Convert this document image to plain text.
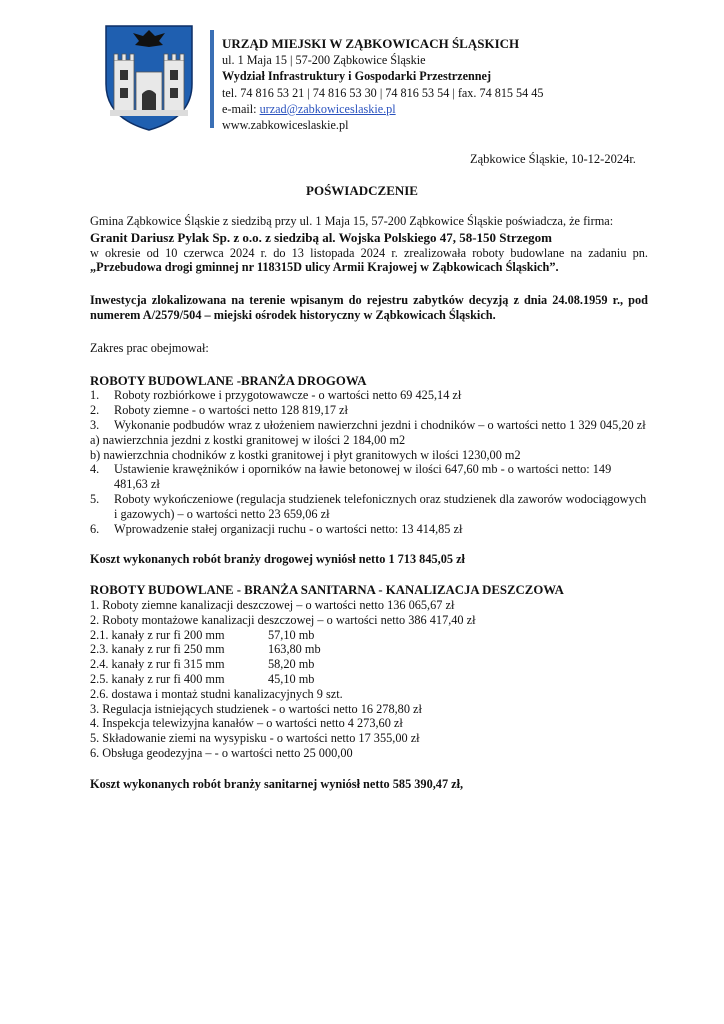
URZĄD MIEJSKI W ZĄBKOWICACH ŚLĄSKICH
ul. 1 Maja 15 | 57-200 Ząbkowice Śląskie
Wydział Infrastruktury i Gospodarki Przestrzennej
tel. 74 816 53 21 | 74 816 53 30 | 74 816 53 54 | fax. 74 815 54 45
e-mail: urzad@zabkowiceslaskie.pl
www.zabkowiceslaskie.pl
Ząbkowice Śląskie, 10-12-2024r.
POŚWIADCZENIE

Gmina Ząbkowice Śląskie z siedzibą przy ul. 1 Maja 15, 57-200 Ząbkowice Śląskie poświadcza, że firma:

Granit Dariusz Pylak Sp. z o.o. z siedzibą al. Wojska Polskiego 47, 58-150 Strzegom

w okresie od 10 czerwca 2024 r. do 13 listopada 2024 r. zrealizowała roboty budowlane na zadaniu pn. „Przebudowa drogi gminnej nr 118315D ulicy Armii Krajowej w Ząbkowicach Śląskich”.

Inwestycja zlokalizowana na terenie wpisanym do rejestru zabytków decyzją z dnia 24.08.1959 r., pod numerem A/2579/504 – miejski ośrodek historyczny w Ząbkowicach Śląskich.

Zakres prac obejmował:

ROBOTY BUDOWLANE -BRANŻA DROGOWA

1.	Roboty rozbiórkowe i przygotowawcze - o wartości netto 69 425,14 zł
2.	Roboty ziemne - o wartości netto 128 819,17 zł
3.	Wykonanie podbudów wraz z ułożeniem nawierzchni jezdni i chodników – o wartości netto 1 329 045,20 zł

a) nawierzchnia jezdni z kostki granitowej w ilości 2 184,00 m2

b) nawierzchnia chodników z kostki granitowej i płyt granitowych w ilości 1230,00 m2

4.	Ustawienie krawężników i oporników na ławie betonowej w ilości 647,60 mb - o wartości netto: 149 481,63 zł
5.	Roboty wykończeniowe (regulacja studzienek telefonicznych oraz studzienek dla zaworów wodociągowych i gazowych) – o wartości netto 23 659,06 zł
6.	Wprowadzenie stałej organizacji ruchu - o wartości netto: 13 414,85 zł

Koszt wykonanych robót branży drogowej wyniósł netto 1 713 845,05 zł

ROBOTY BUDOWLANE - BRANŻA SANITARNA - KANALIZACJA DESZCZOWA

1. Roboty ziemne kanalizacji deszczowej – o wartości netto 136 065,67 zł

2. Roboty montażowe kanalizacji deszczowej – o wartości netto 386 417,40 zł

2.1. kanały z rur fi 200 mm	57,10 mb
2.3. kanały z rur fi 250 mm	163,80 mb
2.4. kanały z rur fi 315 mm	58,20 mb
2.5. kanały z rur fi 400 mm	45,10 mb

2.6. dostawa i montaż studni kanalizacyjnych 9 szt.

3. Regulacja istniejących studzienek - o wartości netto 16 278,80 zł

4. Inspekcja telewizyjna kanałów – o wartości netto 4 273,60 zł

5. Składowanie ziemi na wysypisku - o wartości netto 17 355,00 zł

6. Obsługa geodezyjna – - o wartości netto 25 000,00

Koszt wykonanych robót branży sanitarnej wyniósł netto 585 390,47 zł,
